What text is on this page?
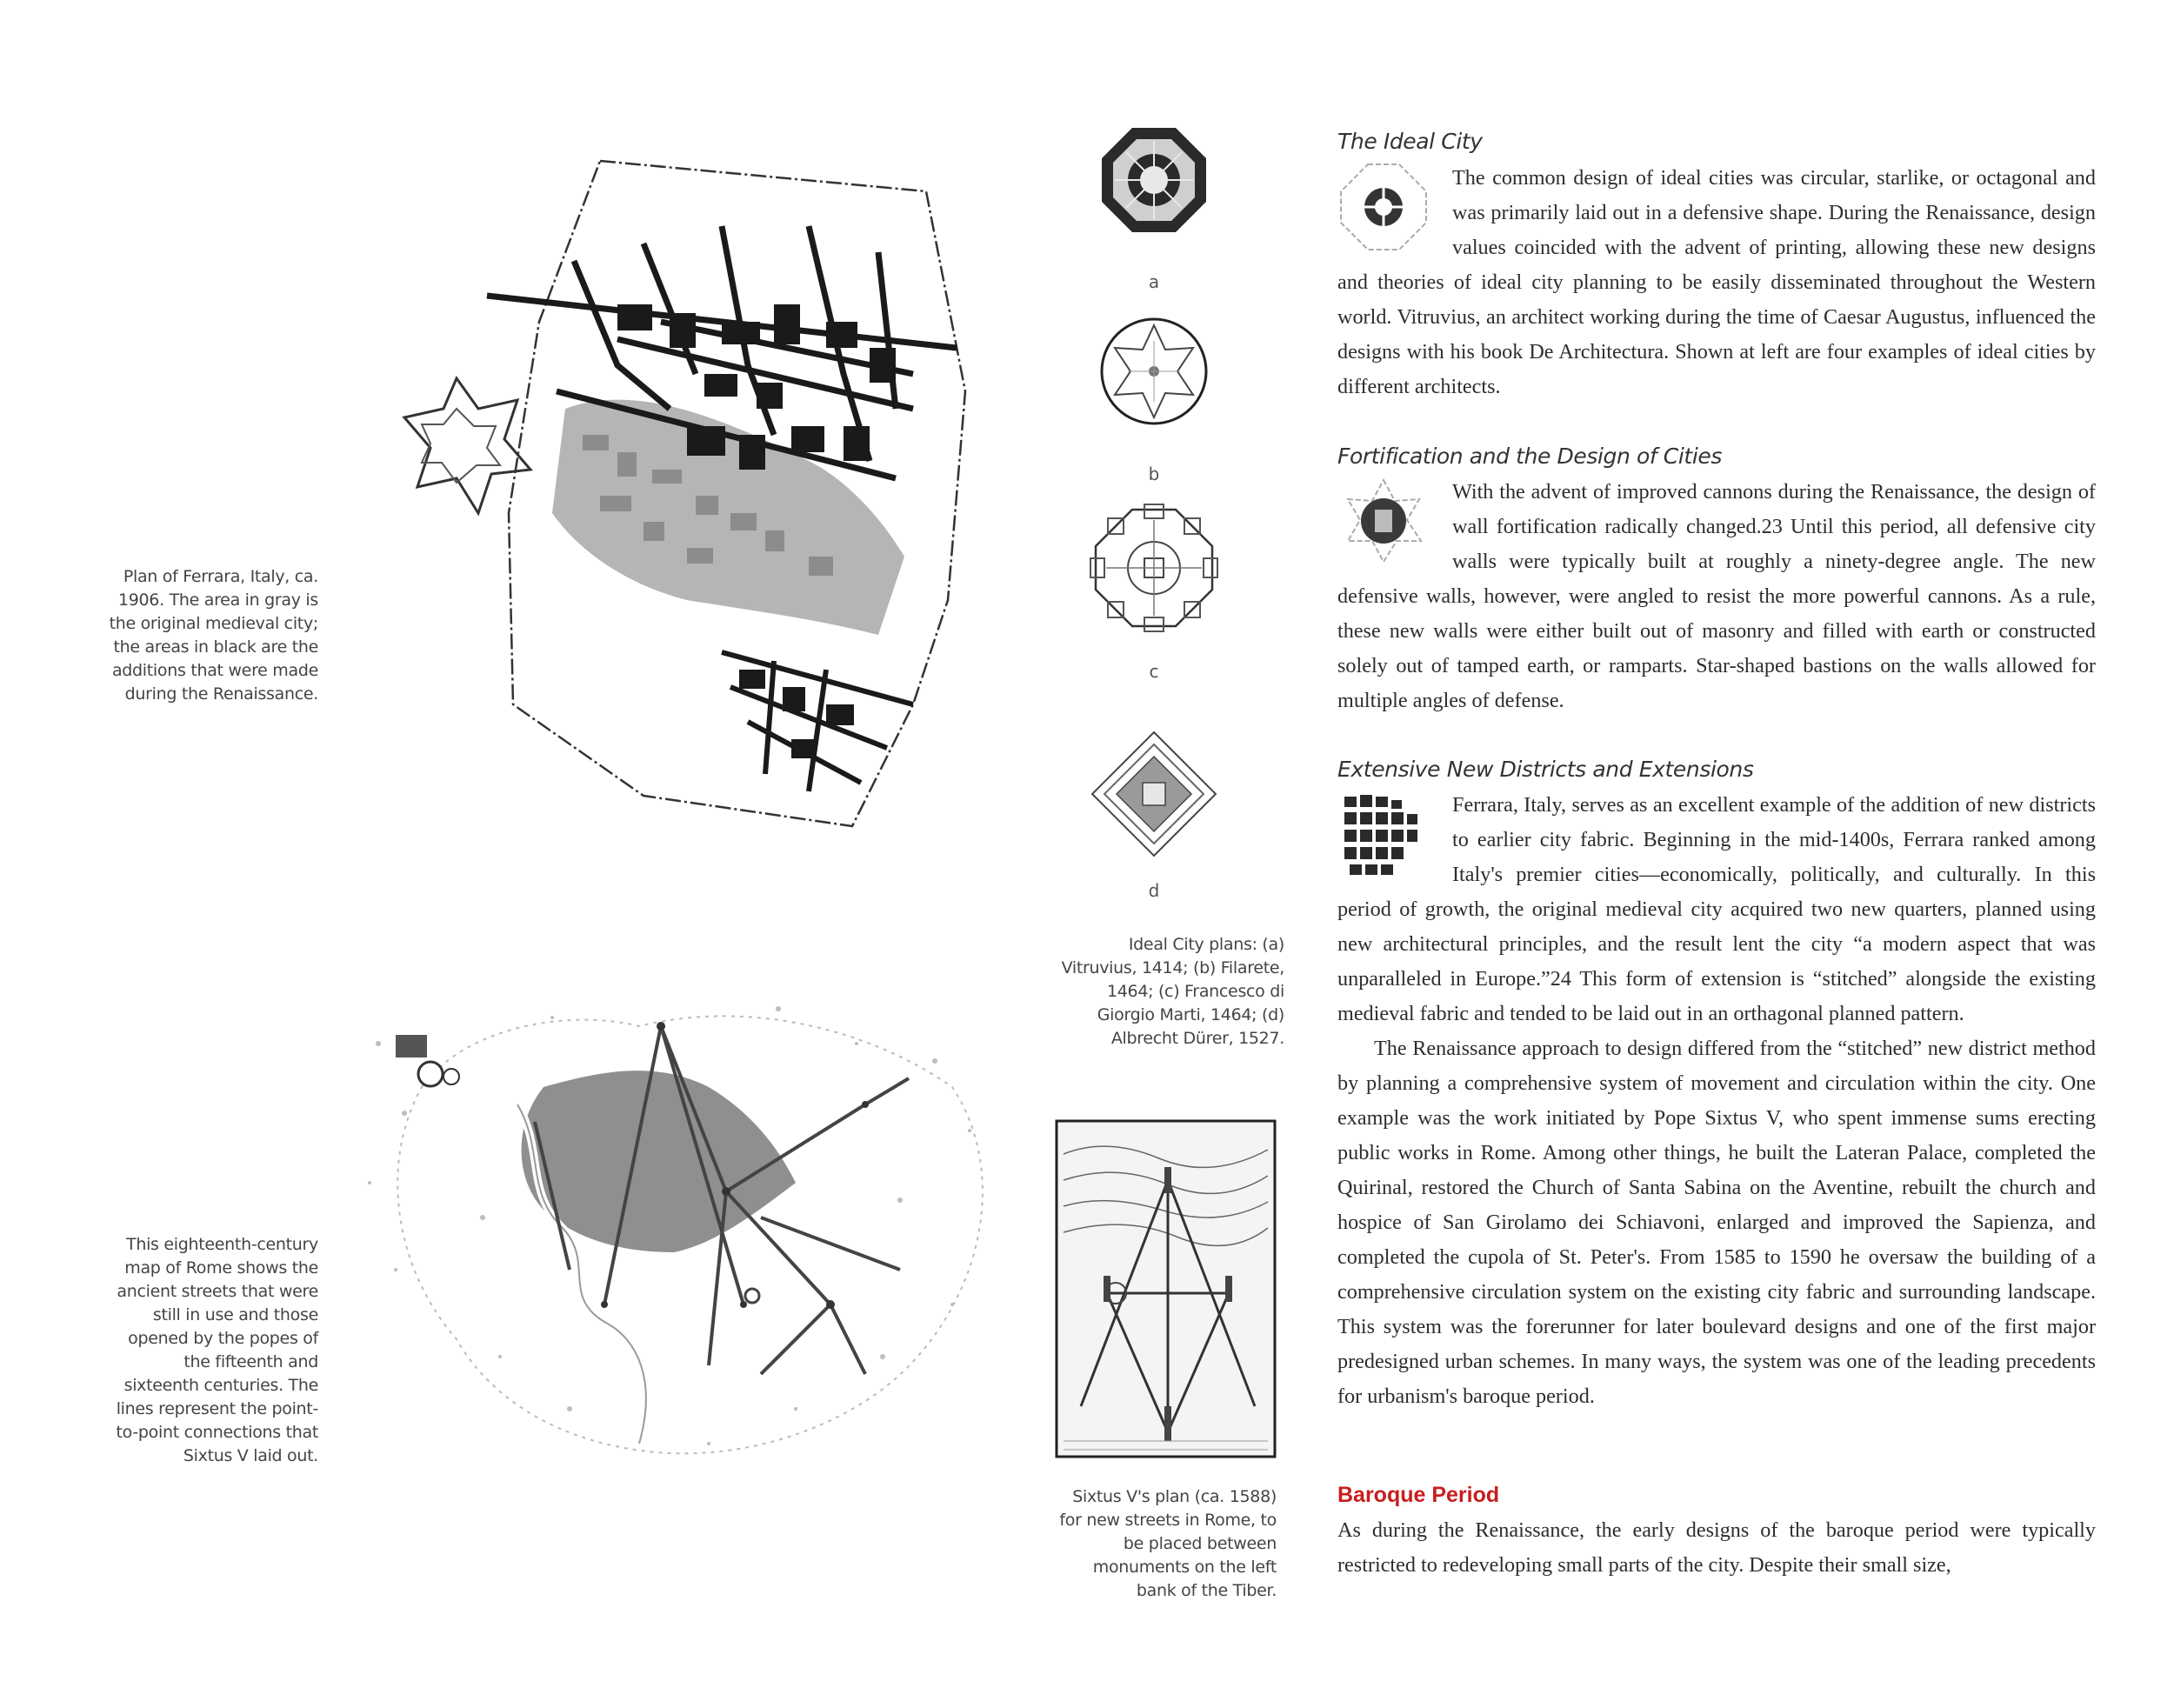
Plan of Ferrara, Italy, ca. 1906. The area in gray is the original medieval city; the areas in black are the additions that were made during the Renaissance.
This eighteenth-century map of Rome shows the ancient streets that were still in use and those opened by the popes of the fifteenth and sixteenth centuries. The lines represent the point-to-point connections that Sixtus V laid out.
a
b
c
d
Ideal City plans: (a) Vitruvius, 1414; (b) Filarete, 1464; (c) Francesco di Giorgio Marti, 1464; (d) Albrecht Dürer, 1527.
Sixtus V's plan (ca. 1588) for new streets in Rome, to be placed between monuments on the left bank of the Tiber.
The Ideal City

The common design of ideal cities was circular, starlike, or octagonal and was primarily laid out in a defensive shape. During the Renaissance, design values coincided with the advent of printing, allowing these new designs and theories of ideal city planning to be easily disseminated throughout the Western world. Vitruvius, an architect working during the time of Caesar Augustus, influenced the designs with his book De Architectura. Shown at left are four examples of ideal cities by different architects.

Fortification and the Design of Cities

With the advent of improved cannons during the Renaissance, the design of wall fortification radically changed.23 Until this period, all defensive city walls were typically built at roughly a ninety-degree angle. The new defensive walls, however, were angled to resist the more powerful cannons. As a rule, these new walls were either built out of masonry and filled with earth or constructed solely out of tamped earth, or ramparts. Star-shaped bastions on the walls allowed for multiple angles of defense.

Extensive New Districts and Extensions

Ferrara, Italy, serves as an excellent example of the addition of new districts to earlier city fabric. Beginning in the mid-1400s, Ferrara ranked among Italy's premier cities—economically, politically, and culturally. In this period of growth, the original medieval city acquired two new quarters, planned using new architectural principles, and the result lent the city “a modern aspect that was unparalleled in Europe.”24 This form of extension is “stitched” alongside the existing medieval fabric and tended to be laid out in an orthagonal planned pattern.

The Renaissance approach to design differed from the “stitched” new district method by planning a comprehensive system of movement and circulation within the city. One example was the work initiated by Pope Sixtus V, who spent immense sums erecting public works in Rome. Among other things, he built the Lateran Palace, completed the Quirinal, restored the Church of Santa Sabina on the Aventine, rebuilt the church and hospice of San Girolamo dei Schiavoni, enlarged and improved the Sapienza, and completed the cupola of St. Peter's. From 1585 to 1590 he oversaw the building of a comprehensive circulation system on the existing city fabric and surrounding landscape. This system was the forerunner for later boulevard designs and one of the first major predesigned urban schemes. In many ways, the system was one of the leading precedents for urbanism's baroque period.

Baroque Period

As during the Renaissance, the early designs of the baroque period were typically restricted to redeveloping small parts of the city. Despite their small size,
